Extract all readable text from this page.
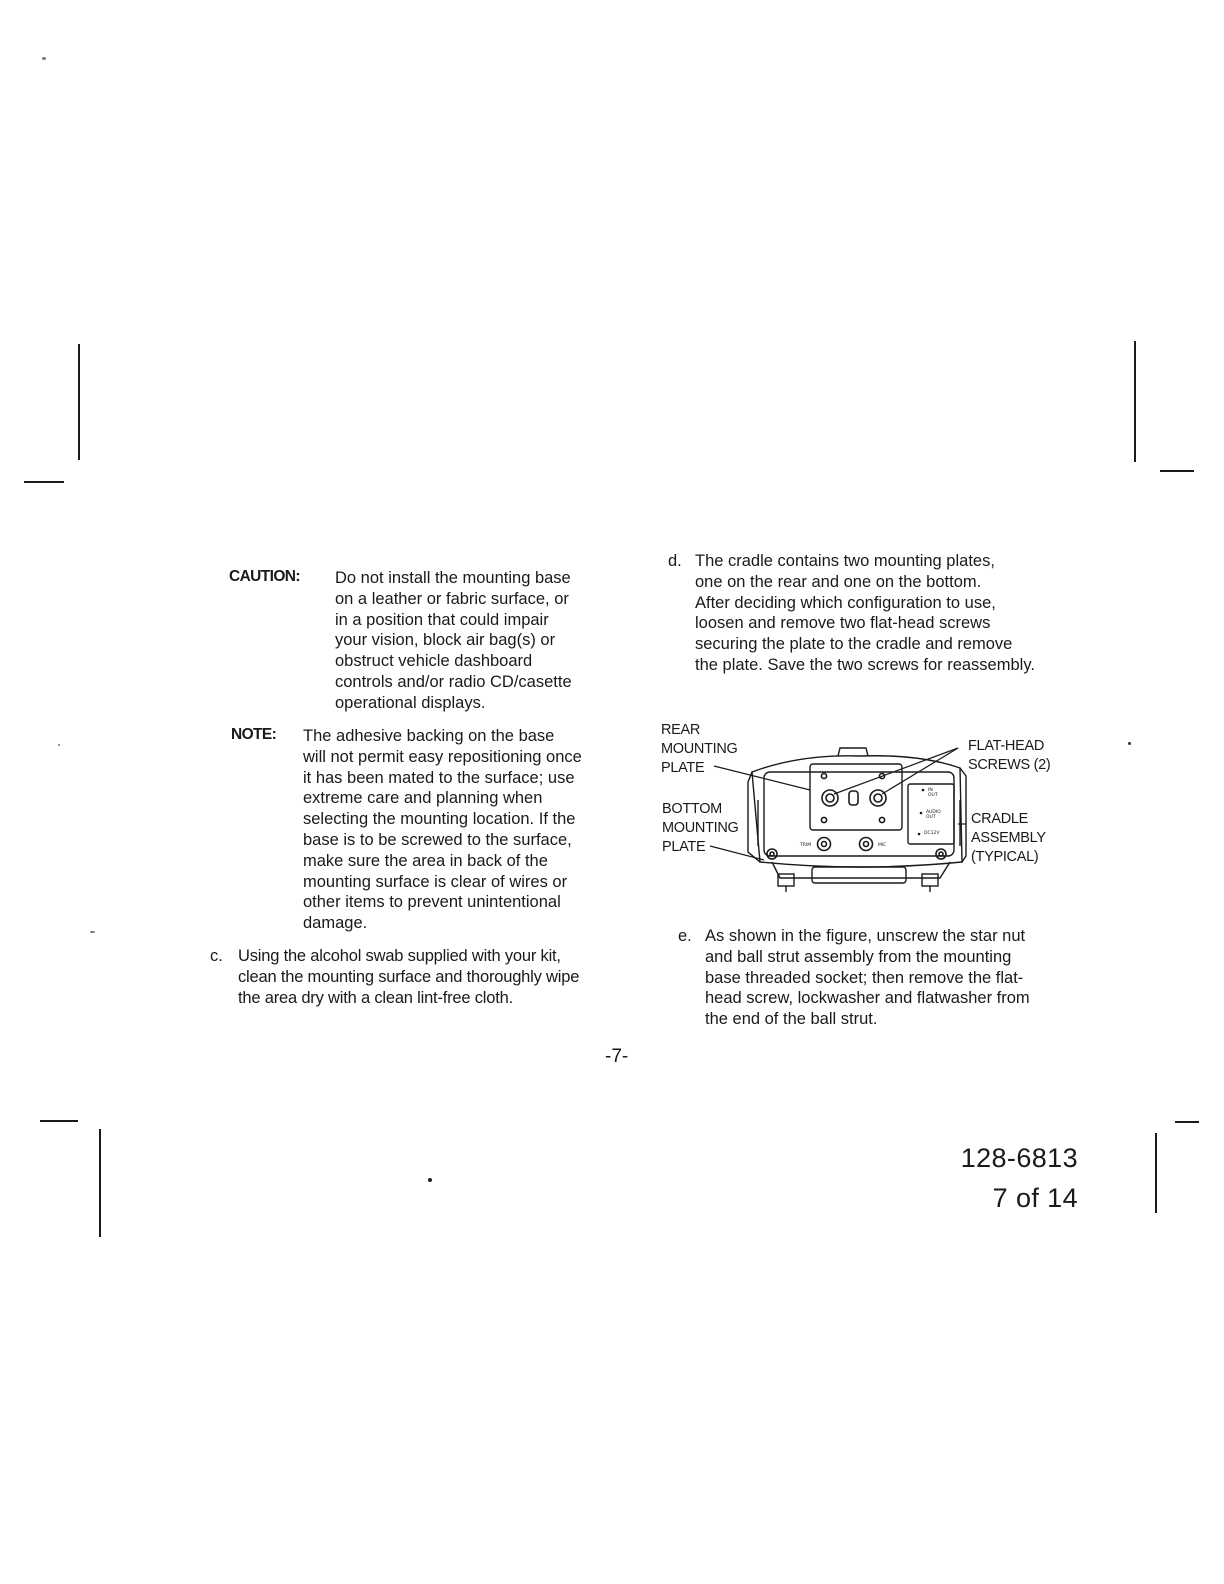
CAUTION: Do not install the mounting base
on a leather or fabric surface, or
in a position that could impair
your vision, block air bag(s) or
obstruct vehicle dashboard
controls and/or radio CD/casette
operational displays.
NOTE: The adhesive backing on the base
will not permit easy repositioning once
it has been mated to the surface; use
extreme care and planning when
selecting the mounting location. If the
base is to be screwed to the surface,
make sure the area in back of the
mounting surface is clear of wires or
other items to prevent unintentional
damage.
c. Using the alcohol swab supplied with your kit,
clean the mounting surface and thoroughly wipe
the area dry with a clean lint-free cloth.
d. The cradle contains two mounting plates,
one on the rear and one on the bottom.
After deciding which configuration to use,
loosen and remove two flat-head screws
securing the plate to the cradle and remove
the plate. Save the two screws for reassembly.
IN OUT
AUDIO OUT
DC12V
TRIM	MIC
REAR
MOUNTING
PLATE
BOTTOM
MOUNTING
PLATE
FLAT-HEAD
SCREWS (2)
CRADLE
ASSEMBLY
(TYPICAL)
e. As shown in the figure, unscrew the star nut
and ball strut assembly from the mounting
base threaded socket; then remove the flat-
head screw, lockwasher and flatwasher from
the end of the ball strut.
-7-
128-6813
7 of 14
